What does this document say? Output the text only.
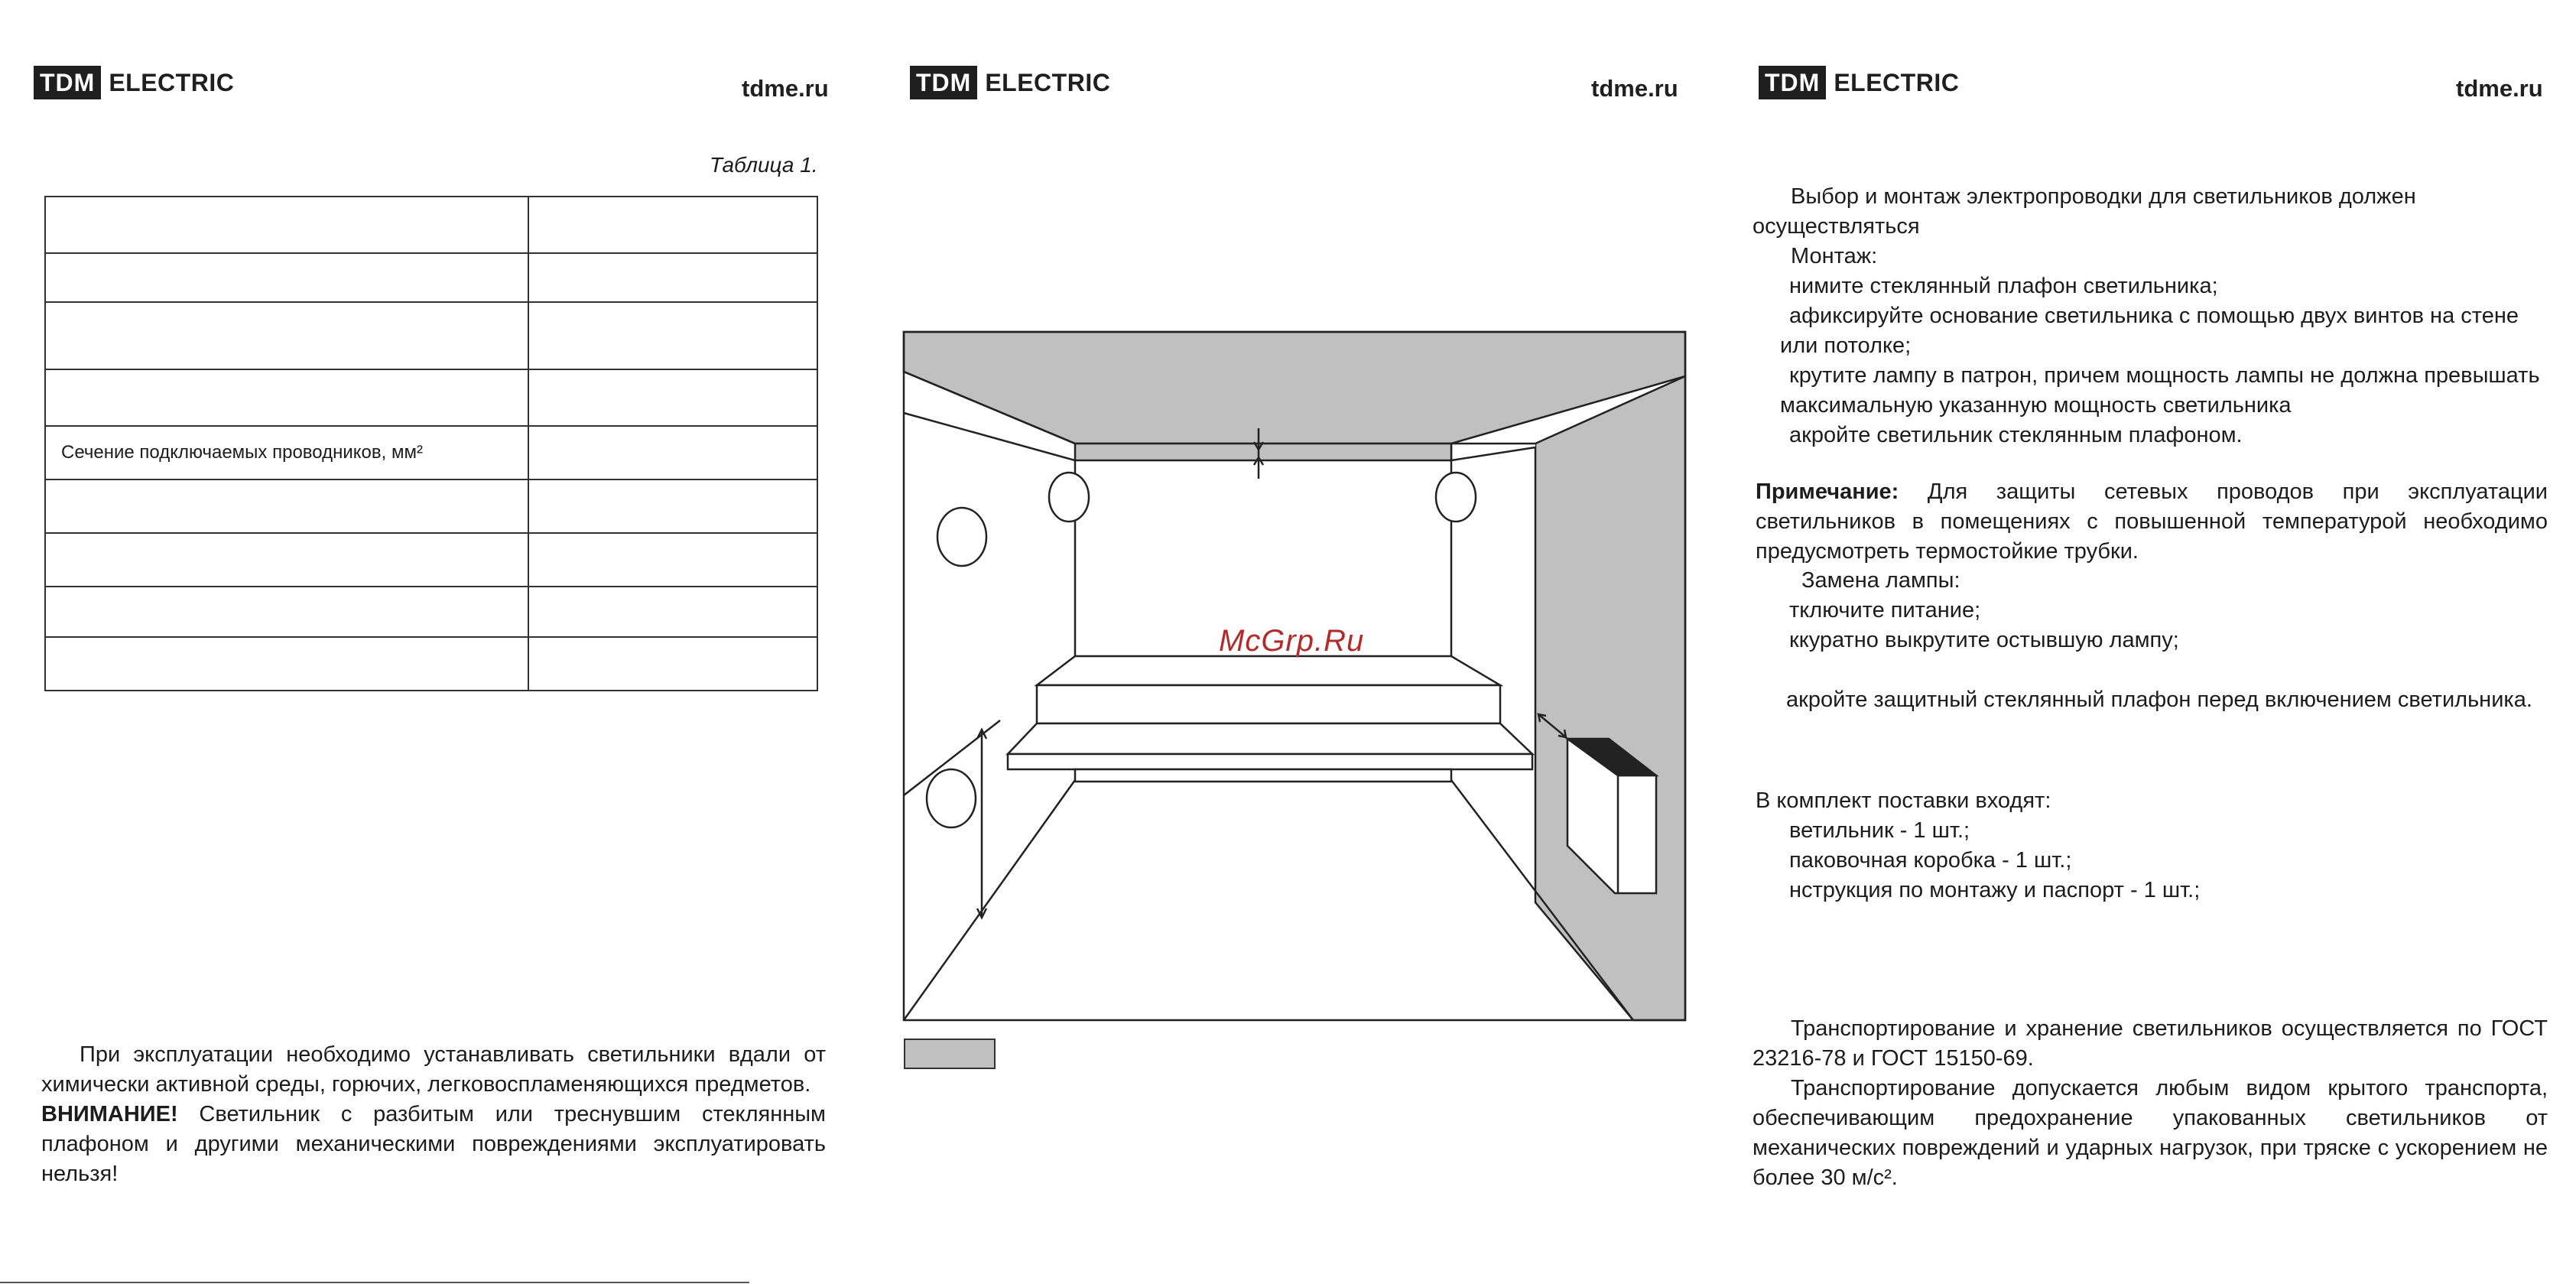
TDM ELECTRIC	tdme.ru	TDM ELECTRIC	tdme.ru	TDM ELECTRIC	tdme.ru
Таблица 1.

Сечение подключаемых проводников, мм²	

При эксплуатации необходимо устанавливать светильники вдали от химически активной среды, горючих, легковоспламеняющихся предметов.

ВНИМАНИЕ! Светильник с разбитым или треснувшим стеклянным плафоном и другими механическими повреждениями эксплуатировать нельзя!

McGrp.Ru

Выбор и монтаж электропроводки для светильников должен осуществляться

Монтаж:

нимите стеклянный плафон светильника;

афиксируйте основание светильника с помощью двух винтов на стене или потолке;

крутите лампу в патрон, причем мощность лампы не должна превышать максимальную указанную мощность светильника

акройте светильник стеклянным плафоном.

Примечание: Для защиты сетевых проводов при эксплуатации светильников в помещениях с повышенной температурой необходимо предусмотреть термостойкие трубки.

Замена лампы:

тключите питание;

ккуратно выкрутите остывшую лампу;

акройте защитный стеклянный плафон перед включением светильника.

В комплект поставки входят:

ветильник - 1 шт.;

паковочная коробка - 1 шт.;

нструкция по монтажу и паспорт - 1 шт.;

Транспортирование и хранение светильников осуществляется по ГОСТ 23216-78 и ГОСТ 15150-69.

Транспортирование допускается любым видом крытого транспорта, обеспечивающим предохранение упакованных светильников от механических повреждений и ударных нагрузок, при тряске с ускорением не более 30 м/с².
